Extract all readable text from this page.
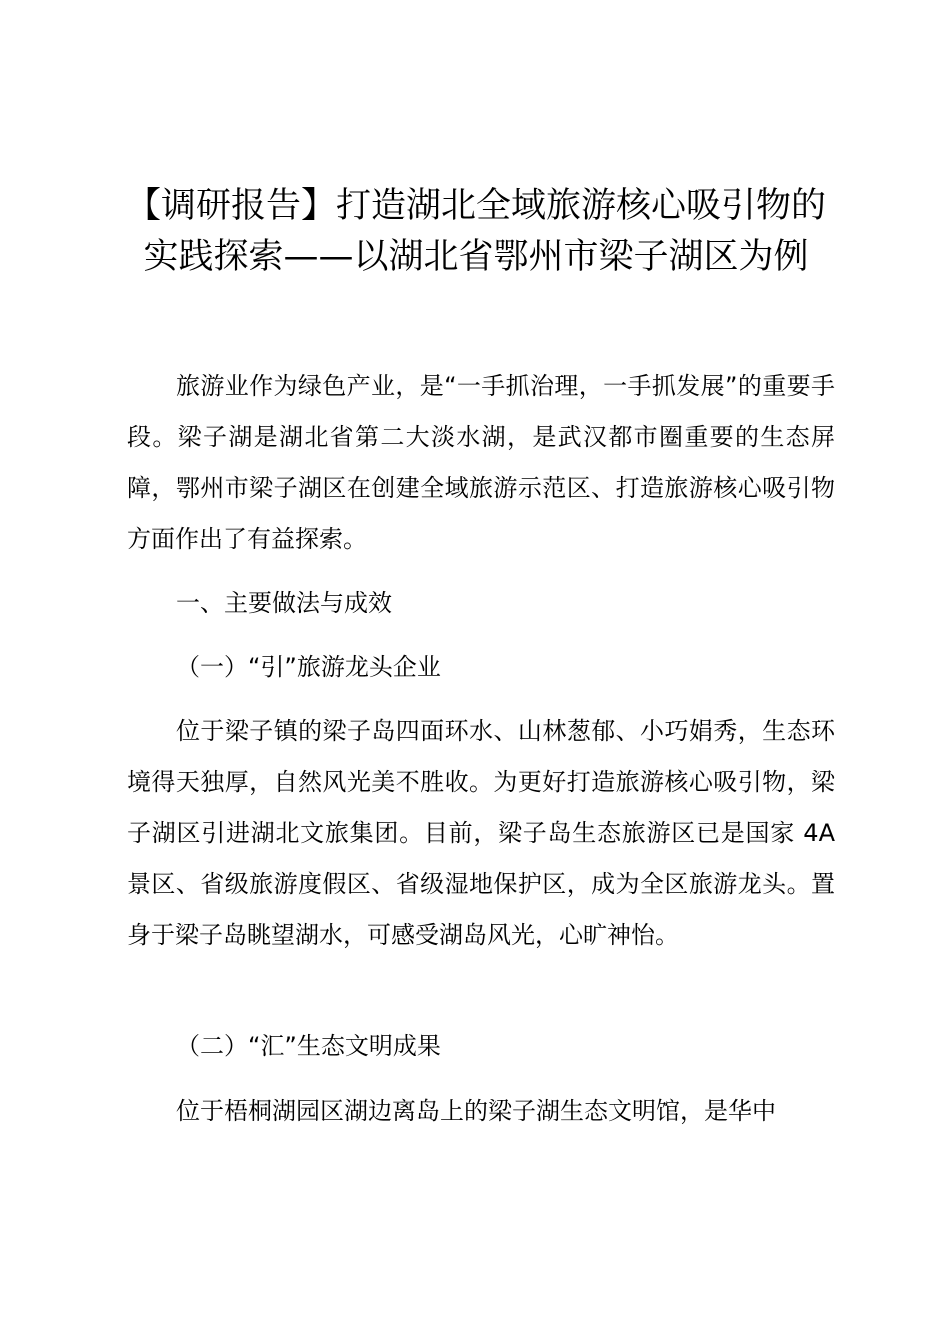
【调研报告】打造湖北全域旅游核心吸引物的
实践探索——以湖北省鄂州市梁子湖区为例
旅游业作为绿色产业，是“一手抓治理，一手抓发展”的重要手段。梁子湖是湖北省第二大淡水湖，是武汉都市圈重要的生态屏障，鄂州市梁子湖区在创建全域旅游示范区、打造旅游核心吸引物方面作出了有益探索。
一、主要做法与成效
（一）“引”旅游龙头企业
位于梁子镇的梁子岛四面环水、山林葱郁、小巧娟秀，生态环境得天独厚，自然风光美不胜收。为更好打造旅游核心吸引物，梁子湖区引进湖北文旅集团。目前，梁子岛生态旅游区已是国家 4A 景区、省级旅游度假区、省级湿地保护区，成为全区旅游龙头。置身于梁子岛眺望湖水，可感受湖岛风光，心旷神怡。
（二）“汇”生态文明成果
位于梧桐湖园区湖边离岛上的梁子湖生态文明馆，是华中
